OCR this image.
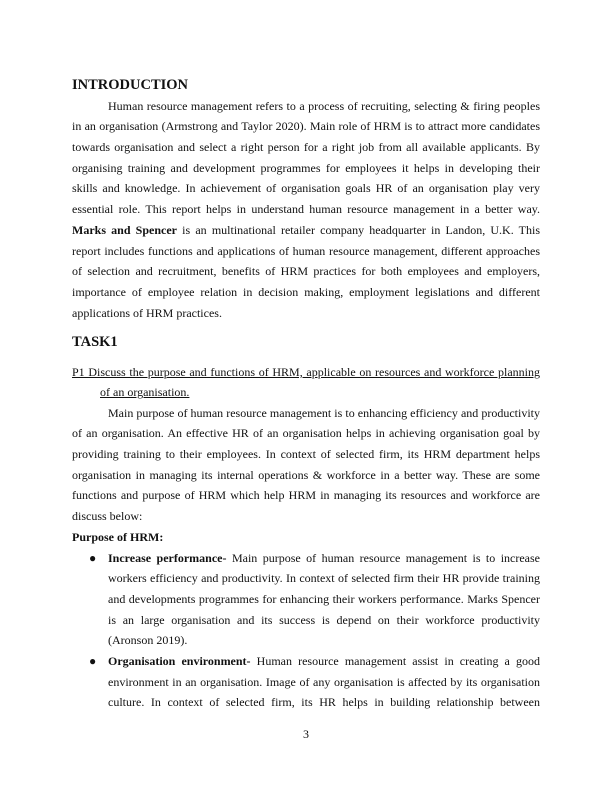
INTRODUCTION
Human resource management refers to a process of recruiting, selecting & firing peoples
in an organisation (Armstrong and Taylor 2020). Main role of HRM is to attract more candidates
towards organisation and select a right person for a right job from all available applicants. By
organising training and development programmes for employees it helps in developing their
skills and knowledge. In achievement of organisation goals HR of an organisation play very
essential role. This report helps in understand human resource management in a better way.
Marks and Spencer is an multinational retailer company headquarter in Landon, U.K. This
report includes functions and applications of human resource management, different approaches
of selection and recruitment, benefits of HRM practices for both employees and employers,
importance of employee relation in decision making, employment legislations and different
applications of HRM practices.
TASK1
P1 Discuss the purpose and functions of HRM, applicable on resources and workforce planning
of an organisation.
Main purpose of human resource management is to enhancing efficiency and productivity
of an organisation. An effective HR of an organisation helps in achieving organisation goal by
providing training to their employees. In context of selected firm, its HRM department helps
organisation in managing its internal operations & workforce in a better way. These are some
functions and purpose of HRM which help HRM in managing its resources and workforce are
discuss below:
Purpose of HRM:
● Increase performance- Main purpose of human resource management is to increase
workers efficiency and productivity. In context of selected firm their HR provide training
and developments programmes for enhancing their workers performance. Marks Spencer
is an large organisation and its success is depend on their workforce productivity
(Aronson 2019).
● Organisation environment- Human resource management assist in creating a good
environment in an organisation. Image of any organisation is affected by its organisation
culture. In context of selected firm, its HR helps in building relationship between
3
